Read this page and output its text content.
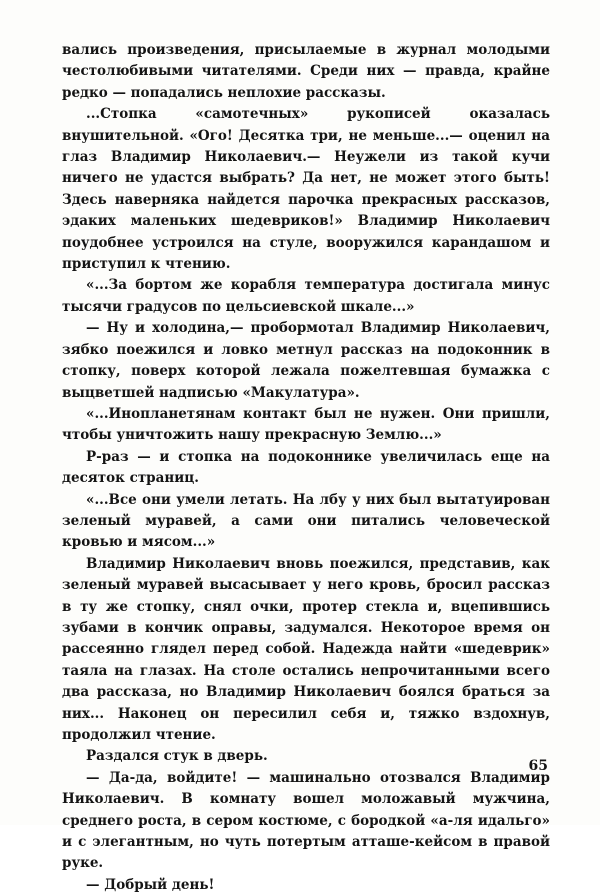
вались произведения, присылаемые в журнал молодыми честолюбивыми читателями. Среди них — правда, крайне редко — попадались неплохие рассказы.

...Стопка «самотечных» рукописей оказалась внушительной. «Ого! Десятка три, не меньше...— оценил на глаз Владимир Николаевич.— Неужели из такой кучи ничего не удастся выбрать? Да нет, не может этого быть! Здесь наверняка найдется парочка прекрасных рассказов, эдаких маленьких шедевриков!» Владимир Николаевич поудобнее устроился на стуле, вооружился карандашом и приступил к чтению.

«...За бортом же корабля температура достигала минус тысячи градусов по цельсиевской шкале...»

— Ну и холодина,— пробормотал Владимир Николаевич, зябко поежился и ловко метнул рассказ на подоконник в стопку, поверх которой лежала пожелтевшая бумажка с выцветшей надписью «Макулатура».

«...Инопланетянам контакт был не нужен. Они пришли, чтобы уничтожить нашу прекрасную Землю...»

Р-раз — и стопка на подоконнике увеличилась еще на десяток страниц.

«...Все они умели летать. На лбу у них был вытатуирован зеленый муравей, а сами они питались человеческой кровью и мясом...»

Владимир Николаевич вновь поежился, представив, как зеленый муравей высасывает у него кровь, бросил рассказ в ту же стопку, снял очки, протер стекла и, вцепившись зубами в кончик оправы, задумался. Некоторое время он рассеянно глядел перед собой. Надежда найти «шедеврик» таяла на глазах. На столе остались непрочитанными всего два рассказа, но Владимир Николаевич боялся браться за них... Наконец он пересилил себя и, тяжко вздохнув, продолжил чтение.

Раздался стук в дверь.

— Да-да, войдите! — машинально отозвался Владимир Николаевич. В комнату вошел моложавый мужчина, среднего роста, в сером костюме, с бородкой «а-ля идальго» и с элегантным, но чуть потертым атташе-кейсом в правой руке.

— Добрый день!

65
